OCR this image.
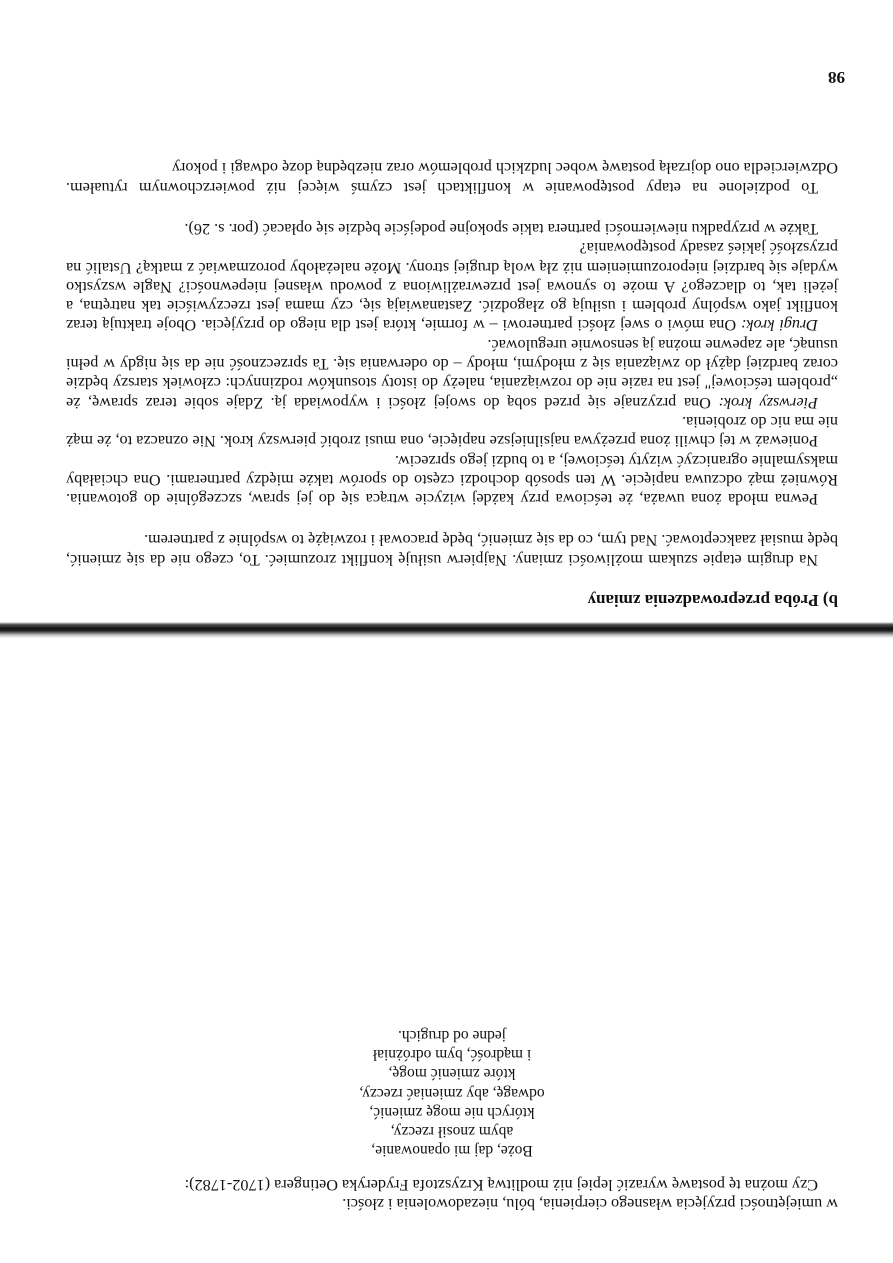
w umiejętności przyjęcia własnego cierpienia, bólu, niezadowolenia i złości.

Czy można tę postawę wyrazić lepiej niż modlitwą Krzysztofa Fryderyka Oetingera (1702-1782):

Boże, daj mi opanowanie,
abym znosił rzeczy,
których nie mogę zmienić,
odwagę, aby zmieniać rzeczy,
które zmienić mogę,
i mądrość, bym odróżniał
jedne od drugich.
b) Próba przeprowadzenia zmiany

Na drugim etapie szukam możliwości zmiany. Najpierw usiłuję konflikt zrozumieć. To, czego nie da się zmienić, będę musiał zaakceptować. Nad tym, co da się zmienić, będę pracował i rozwiążę to wspólnie z partnerem.

Pewna młoda żona uważa, że teściowa przy każdej wizycie wtrąca się do jej spraw, szczególnie do gotowania. Również mąż odczuwa napięcie. W ten sposób dochodzi często do sporów także między partnerami. Ona chciałaby maksymalnie ograniczyć wizyty teściowej, a to budzi jego sprzeciw.

Ponieważ w tej chwili żona przeżywa najsilniejsze napięcie, ona musi zrobić pierwszy krok. Nie oznacza to, że mąż nie ma nic do zrobienia.

Pierwszy krok: Ona przyznaje się przed sobą do swojej złości i wypowiada ją. Zdaje sobie teraz sprawę, że „problem teściowej" jest na razie nie do rozwiązania, należy do istoty stosunków rodzinnych: człowiek starszy będzie coraz bardziej dążył do związania się z młodymi, młody – do oderwania się. Ta sprzeczność nie da się nigdy w pełni usunąć, ale zapewne można ją sensownie uregulować.

Drugi krok: Ona mówi o swej złości partnerowi – w formie, która jest dla niego do przyjęcia. Oboje traktują teraz konflikt jako wspólny problem i usiłują go złagodzić. Zastanawiają się, czy mama jest rzeczywiście tak natrętna, a jeżeli tak, to dlaczego? A może to synowa jest przewrażliwiona z powodu własnej niepewności? Nagle wszystko wydaje się bardziej nieporozumieniem niż złą wolą drugiej strony. Może należałoby porozmawiać z matką? Ustalić na przyszłość jakieś zasady postępowania?

Także w przypadku niewierności partnera takie spokojne podejście będzie się opłacać (por. s. 26).

To podzielone na etapy postępowanie w konfliktach jest czymś więcej niż powierzchownym rytuałem. Odzwierciedla ono dojrzałą postawę wobec ludzkich problemów oraz niezbędną dozę odwagi i pokory

98
